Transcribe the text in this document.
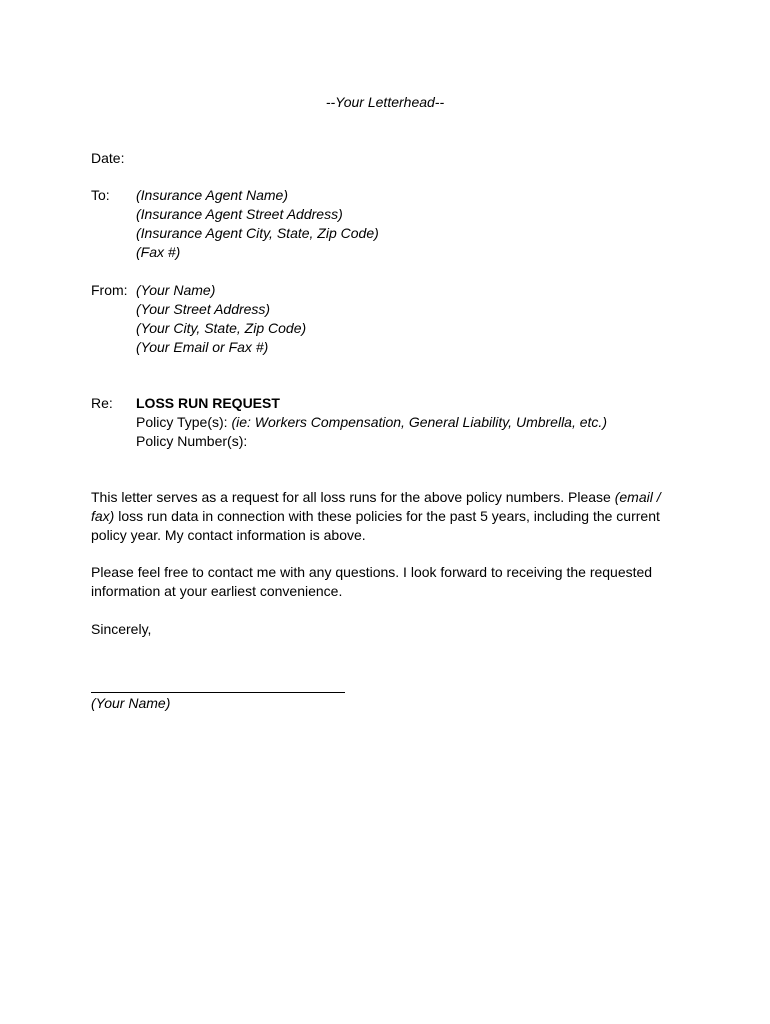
--Your Letterhead--
Date:
To: (Insurance Agent Name)
(Insurance Agent Street Address)
(Insurance Agent City, State, Zip Code)
(Fax #)
From: (Your Name)
(Your Street Address)
(Your City, State, Zip Code)
(Your Email or Fax #)
Re: LOSS RUN REQUEST
Policy Type(s): (ie: Workers Compensation, General Liability, Umbrella, etc.)
Policy Number(s):
This letter serves as a request for all loss runs for the above policy numbers. Please (email /
fax) loss run data in connection with these policies for the past 5 years, including the current
policy year. My contact information is above.
Please feel free to contact me with any questions. I look forward to receiving the requested
information at your earliest convenience.
Sincerely,
(Your Name)
